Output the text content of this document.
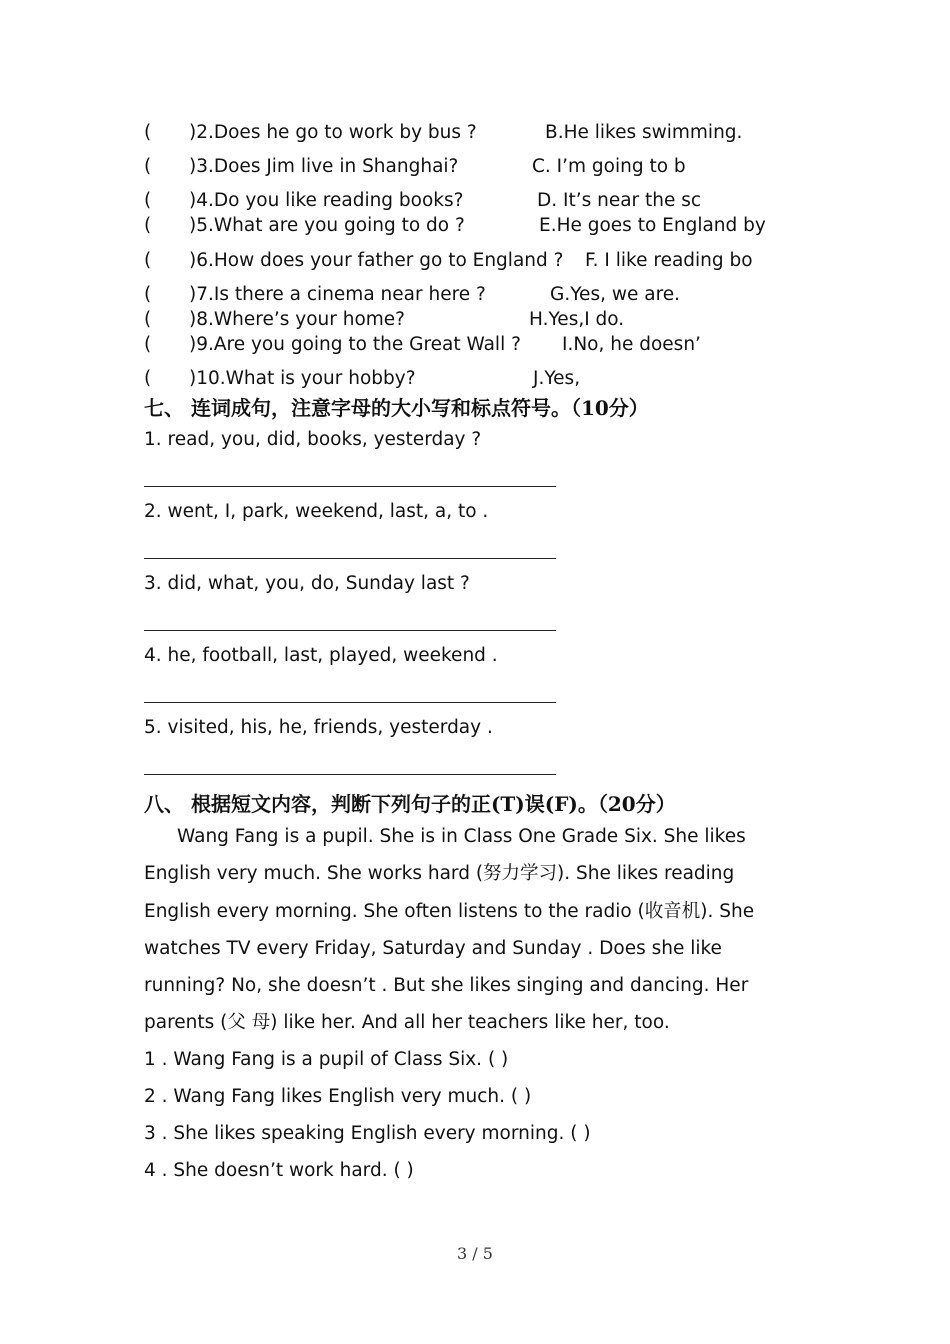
( )2.Does he go to work by bus ?	B.He likes swimming.
( )3.Does Jim live in Shanghai?	C. I’m going to b
( )4.Do you like reading books?	D. It’s near the sc
( )5.What are you going to do ?	E.He goes to England by
( )6.How does your father go to England ? F. I like reading bo
( )7.Is there a cinema near here ?	G.Yes, we are.
( )8.Where’s your home?	H.Yes,I do.
( )9.Are you going to the Great Wall ? I.No, he doesn’
( )10.What is your hobby?	J.Yes,
七、 连词成句，注意字母的大小写和标点符号。（10分）
1. read, you, did, books, yesterday ?
2. went, I, park, weekend, last, a, to .
3. did, what, you, do, Sunday last ?
4. he, football, last, played, weekend .
5. visited, his, he, friends, yesterday .
八、 根据短文内容，判断下列句子的正(T)误(F)。（20分）
Wang Fang is a pupil. She is in Class One Grade Six. She likes English very much. She works hard (努力学习). She likes reading English every morning. She often listens to the radio (收音机). She watches TV every Friday, Saturday and Sunday . Does she like running? No, she doesn’t . But she likes singing and dancing. Her parents (父 母) like her. And all her teachers like her, too.
1 . Wang Fang is a pupil of Class Six. ( )
2 . Wang Fang likes English very much. ( )
3 . She likes speaking English every morning. ( )
4 . She doesn’t work hard. ( )
3 / 5
